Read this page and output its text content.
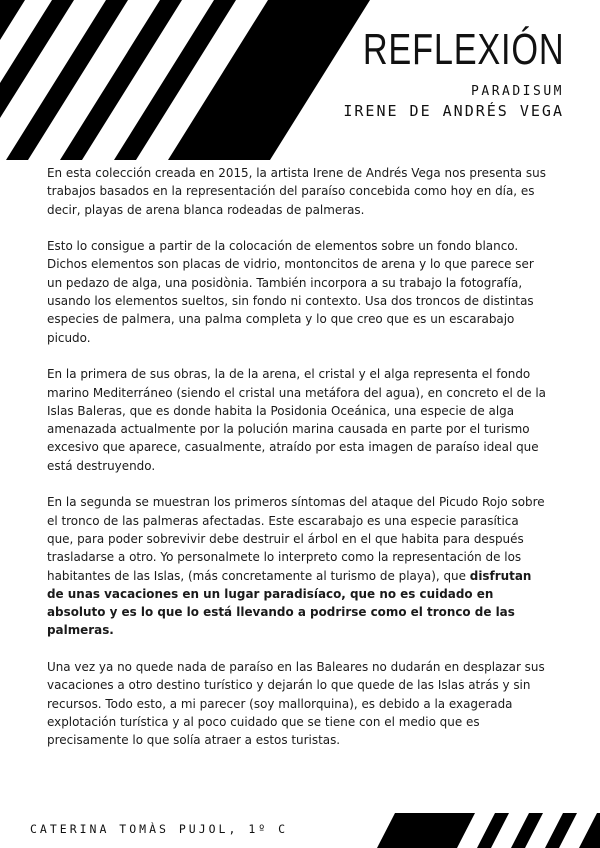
REFLEXIÓN
PARADISUM
IRENE DE ANDRÉS VEGA

En esta colección creada en 2015, la artista Irene de Andrés Vega nos presenta sus trabajos basados en la representación del paraíso concebida como hoy en día, es decir, playas de arena blanca rodeadas de palmeras.

Esto lo consigue a partir de la colocación de elementos sobre un fondo blanco. Dichos elementos son placas de vidrio, montoncitos de arena y lo que parece ser un pedazo de alga, una posidònia. También incorpora a su trabajo la fotografía, usando los elementos sueltos, sin fondo ni contexto. Usa dos troncos de distintas especies de palmera, una palma completa y lo que creo que es un escarabajo picudo.

En la primera de sus obras, la de la arena, el cristal y el alga representa el fondo marino Mediterráneo (siendo el cristal una metáfora del agua), en concreto el de la Islas Baleras, que es donde habita la Posidonia Oceánica, una especie de alga amenazada actualmente por la polución marina causada en parte por el turismo excesivo que aparece, casualmente, atraído por esta imagen de paraíso ideal que está destruyendo.

En la segunda se muestran los primeros síntomas del ataque del Picudo Rojo sobre el tronco de las palmeras afectadas. Este escarabajo es una especie parasítica que, para poder sobrevivir debe destruir el árbol en el que habita para después trasladarse a otro. Yo personalmete lo interpreto como la representación de los habitantes de las Islas, (más concretamente al turismo de playa), que disfrutan de unas vacaciones en un lugar paradisíaco, que no es cuidado en absoluto y es lo que lo está llevando a podrirse como el tronco de las palmeras.

Una vez ya no quede nada de paraíso en las Baleares no dudarán en desplazar sus vacaciones a otro destino turístico y dejarán lo que quede de las Islas atrás y sin recursos. Todo esto, a mi parecer (soy mallorquina), es debido a la exagerada explotación turística y al poco cuidado que se tiene con el medio que es precisamente lo que solía atraer a estos turistas.

CATERINA TOMÀS PUJOL, 1º C
